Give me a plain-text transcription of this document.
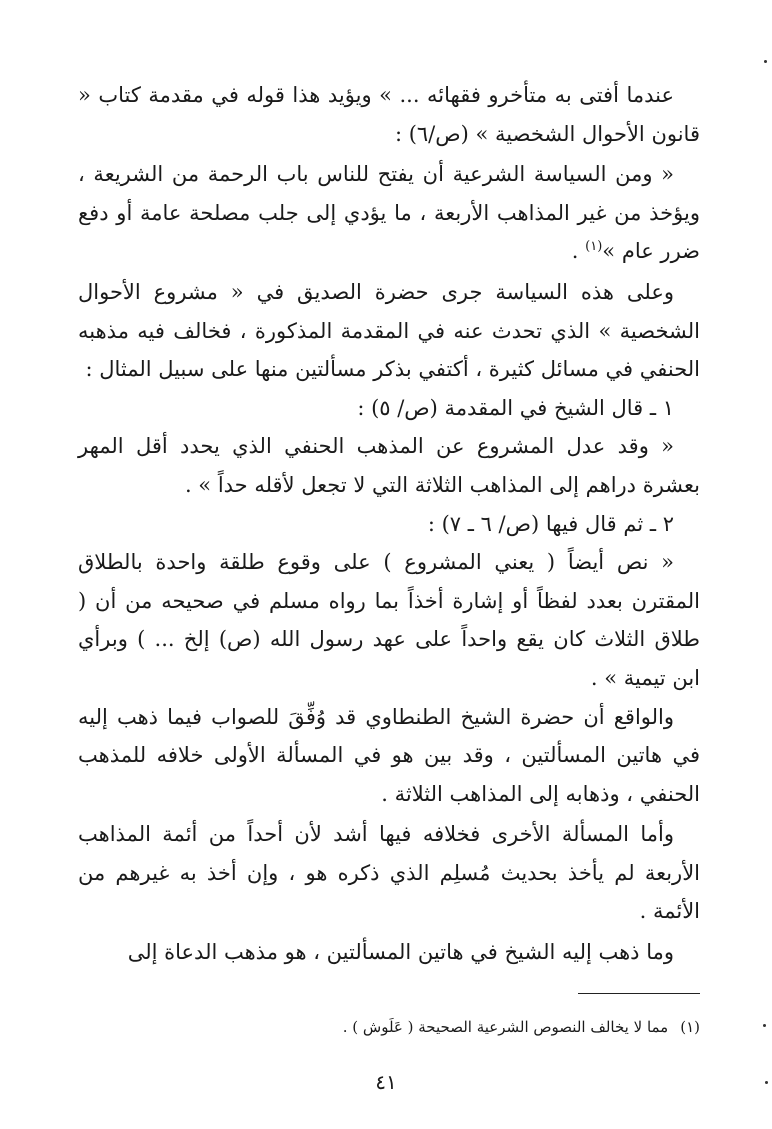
عندما أفتى به متأخرو فقهائه ... » ويؤيد هذا قوله في مقدمة كتاب « قانون الأحوال الشخصية » (ص/٦) :

« ومن السياسة الشرعية أن يفتح للناس باب الرحمة من الشريعة ، ويؤخذ من غير المذاهب الأربعة ، ما يؤدي إلى جلب مصلحة عامة أو دفع ضرر عام »$^{(١)}$ .

وعلى هذه السياسة جرى حضرة الصديق في « مشروع الأحوال الشخصية » الذي تحدث عنه في المقدمة المذكورة ، فخالف فيه مذهبه الحنفي في مسائل كثيرة ، أكتفي بذكر مسألتين منها على سبيل المثال :

١ ـ قال الشيخ في المقدمة (ص/ ٥) :

« وقد عدل المشروع عن المذهب الحنفي الذي يحدد أقل المهر بعشرة دراهم إلى المذاهب الثلاثة التي لا تجعل لأقله حداً » .

٢ ـ ثم قال فيها (ص/ ٦ ـ ٧) :

« نص أيضاً ( يعني المشروع ) على وقوع طلقة واحدة بالطلاق المقترن بعدد لفظاً أو إشارة أخذاً بما رواه مسلم في صحيحه من أن ( طلاق الثلاث كان يقع واحداً على عهد رسول الله (ص) إلخ ... ) وبرأي ابن تيمية » .

والواقع أن حضرة الشيخ الطنطاوي قد وُفِّقَ للصواب فيما ذهب إليه في هاتين المسألتين ، وقد بين هو في المسألة الأولى خلافه للمذهب الحنفي ، وذهابه إلى المذاهب الثلاثة .

وأما المسألة الأخرى فخلافه فيها أشد لأن أحداً من أئمة المذاهب الأربعة لم يأخذ بحديث مُسلِم الذي ذكره هو ، وإن أخذ به غيرهم من الأئمة .

وما ذهب إليه الشيخ في هاتين المسألتين ، هو مذهب الدعاة إلى

(١)مما لا يخالف النصوص الشرعية الصحيحة ( عَلَوش ) .
٤١
